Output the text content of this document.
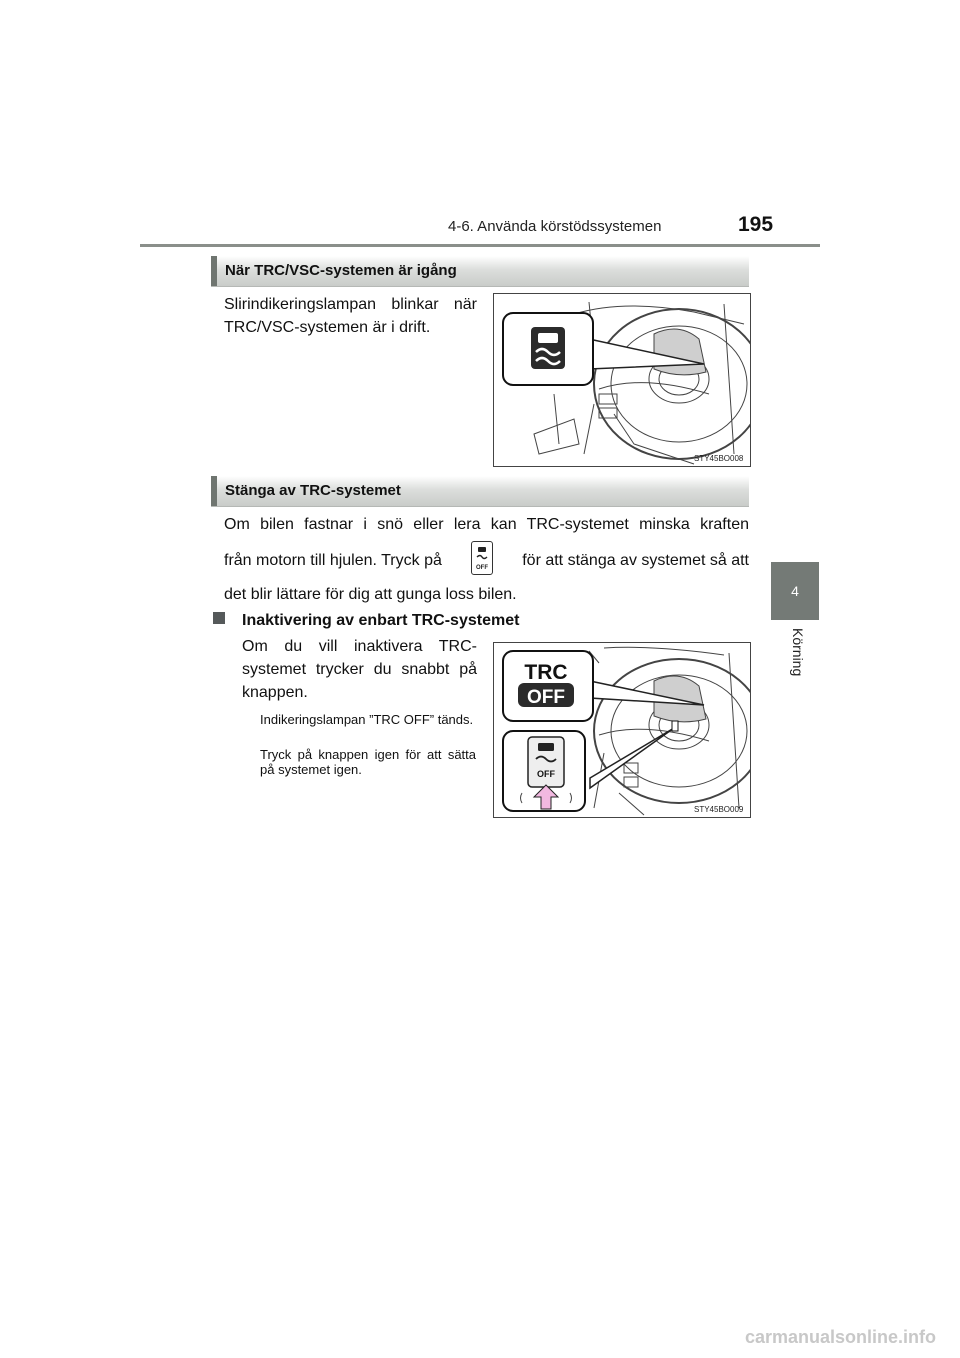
4-6. Använda körstödssystemen	195
4
Körning
När TRC/VSC-systemen är igång
Slirindikeringslampan blinkar när TRC/VSC-systemen är i drift.
STY45BO008
Stänga av TRC-systemet
Om bilen fastnar i snö eller lera kan TRC-systemet minska kraften
från motorn till hjulen. Tryck på	OFF för att stänga av systemet så att
det blir lättare för dig att gunga loss bilen.
Inaktivering av enbart TRC-systemet
Om du vill inaktivera TRC-systemet trycker du snabbt på knappen.
Indikeringslampan ”TRC OFF” tänds.
Tryck på knappen igen för att sätta på systemet igen.
TRC
OFF
OFF
STY45BO009
carmanualsonline.info
